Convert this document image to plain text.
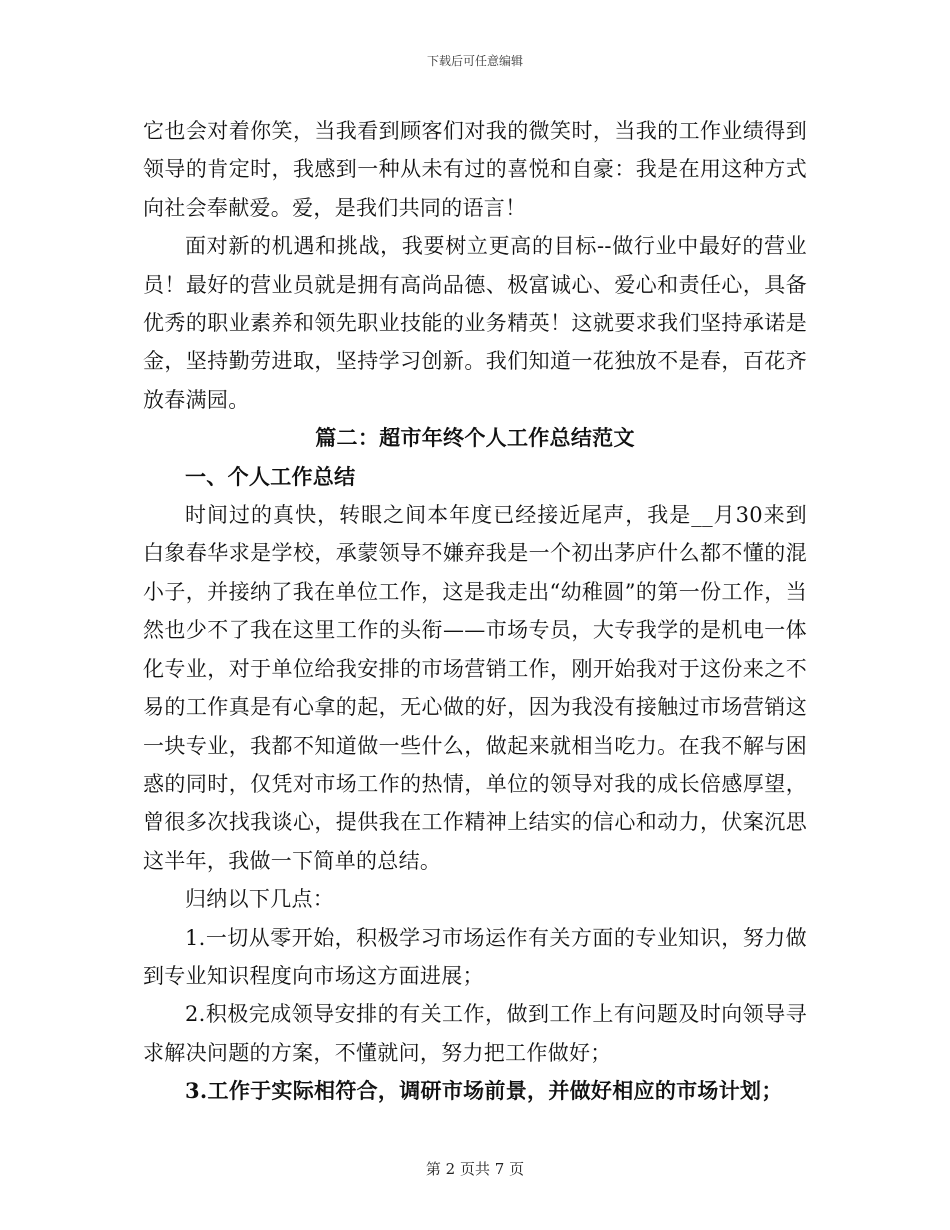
下载后可任意编辑

它也会对着你笑，当我看到顾客们对我的微笑时，当我的工作业绩得到领导的肯定时，我感到一种从未有过的喜悦和自豪：我是在用这种方式向社会奉献爱。爱，是我们共同的语言！

面对新的机遇和挑战，我要树立更高的目标--做行业中最好的营业员！最好的营业员就是拥有高尚品德、极富诚心、爱心和责任心，具备优秀的职业素养和领先职业技能的业务精英！这就要求我们坚持承诺是金，坚持勤劳进取，坚持学习创新。我们知道一花独放不是春，百花齐放春满园。

篇二：超市年终个人工作总结范文

一、个人工作总结

时间过的真快，转眼之间本年度已经接近尾声，我是__月30来到白象春华求是学校，承蒙领导不嫌弃我是一个初出茅庐什么都不懂的混小子，并接纳了我在单位工作，这是我走出“幼稚圆”的第一份工作，当然也少不了我在这里工作的头衔——市场专员，大专我学的是机电一体化专业，对于单位给我安排的市场营销工作，刚开始我对于这份来之不易的工作真是有心拿的起，无心做的好，因为我没有接触过市场营销这一块专业，我都不知道做一些什么，做起来就相当吃力。在我不解与困惑的同时，仅凭对市场工作的热情，单位的领导对我的成长倍感厚望，曾很多次找我谈心，提供我在工作精神上结实的信心和动力，伏案沉思这半年，我做一下简单的总结。

归纳以下几点：

1.一切从零开始，积极学习市场运作有关方面的专业知识，努力做到专业知识程度向市场这方面进展；

2.积极完成领导安排的有关工作，做到工作上有问题及时向领导寻求解决问题的方案，不懂就问，努力把工作做好；

3.工作于实际相符合，调研市场前景，并做好相应的市场计划；

第 2 页共 7 页
